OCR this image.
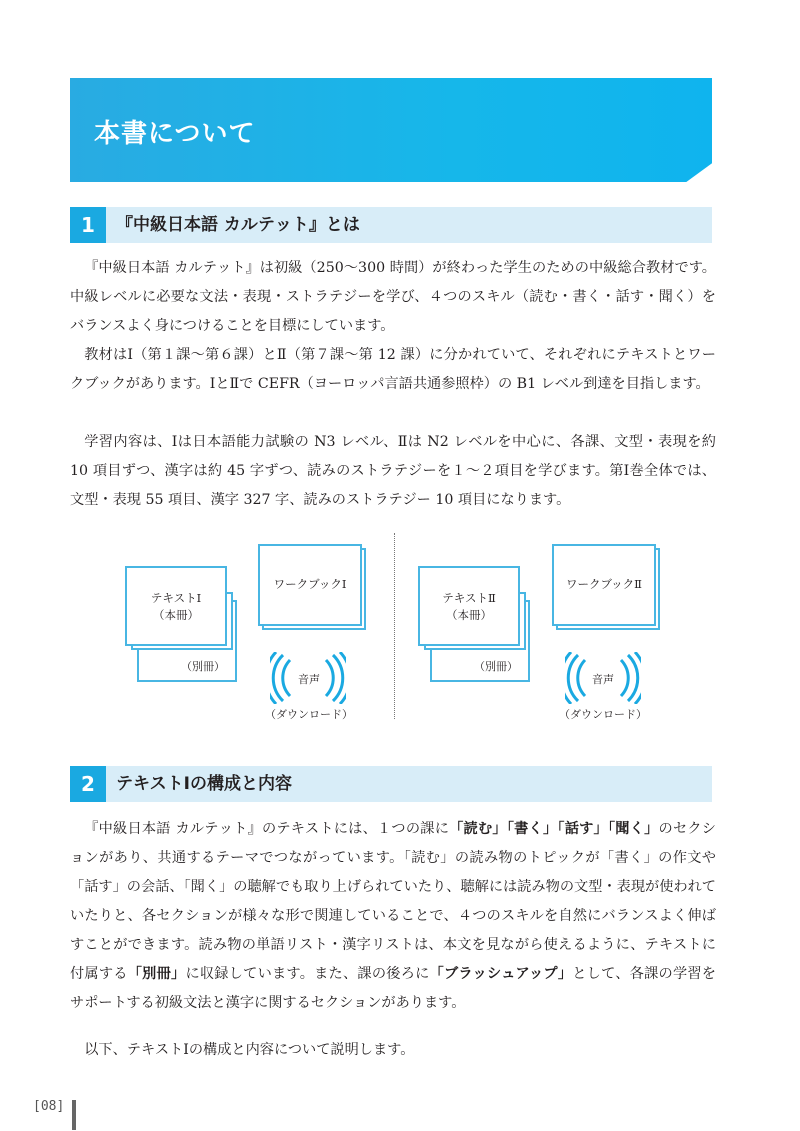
本書について
1	『中級日本語 カルテット』とは

『中級日本語 カルテット』は初級（250～300 時間）が終わった学生のための中級総合教材です。中級レベルに必要な文法・表現・ストラテジーを学び、４つのスキル（読む・書く・話す・聞く）をバランスよく身につけることを目標にしています。

教材はⅠ（第１課～第６課）とⅡ（第７課～第 12 課）に分かれていて、それぞれにテキストとワークブックがあります。ⅠとⅡで CEFR（ヨーロッパ言語共通参照枠）の B1 レベル到達を目指します。

学習内容は、Ⅰは日本語能力試験の N3 レベル、Ⅱは N2 レベルを中心に、各課、文型・表現を約 10 項目ずつ、漢字は約 45 字ずつ、読みのストラテジーを１～２項目を学びます。第Ⅰ巻全体では、文型・表現 55 項目、漢字 327 字、読みのストラテジー 10 項目になります。

（別冊）
テキストⅠ
（本冊）
ワークブックⅠ
音声
（ダウンロード）
（別冊）
テキストⅡ
（本冊）
ワークブックⅡ
音声
（ダウンロード）
2	テキストⅠの構成と内容

『中級日本語 カルテット』のテキストには、１つの課に「読む」「書く」「話す」「聞く」のセクションがあり、共通するテーマでつながっています。「読む」の読み物のトピックが「書く」の作文や「話す」の会話、「聞く」の聴解でも取り上げられていたり、聴解には読み物の文型・表現が使われていたりと、各セクションが様々な形で関連していることで、４つのスキルを自然にバランスよく伸ばすことができます。読み物の単語リスト・漢字リストは、本文を見ながら使えるように、テキストに付属する「別冊」に収録しています。また、課の後ろに「ブラッシュアップ」として、各課の学習をサポートする初級文法と漢字に関するセクションがあります。

以下、テキストⅠの構成と内容について説明します。

[08]
